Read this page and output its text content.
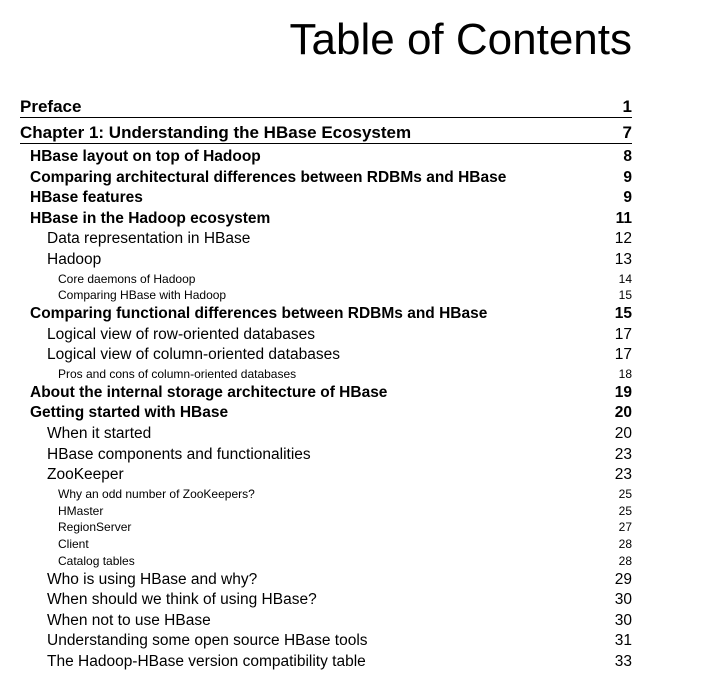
Table of Contents
Preface	1
Chapter 1: Understanding the HBase Ecosystem	7
HBase layout on top of Hadoop	8
Comparing architectural differences between RDBMs and HBase	9
HBase features	9
HBase in the Hadoop ecosystem	11
Data representation in HBase	12
Hadoop	13
Core daemons of Hadoop	14
Comparing HBase with Hadoop	15
Comparing functional differences between RDBMs and HBase	15
Logical view of row-oriented databases	17
Logical view of column-oriented databases	17
Pros and cons of column-oriented databases	18
About the internal storage architecture of HBase	19
Getting started with HBase	20
When it started	20
HBase components and functionalities	23
ZooKeeper	23
Why an odd number of ZooKeepers?	25
HMaster	25
RegionServer	27
Client	28
Catalog tables	28
Who is using HBase and why?	29
When should we think of using HBase?	30
When not to use HBase	30
Understanding some open source HBase tools	31
The Hadoop-HBase version compatibility table	33
